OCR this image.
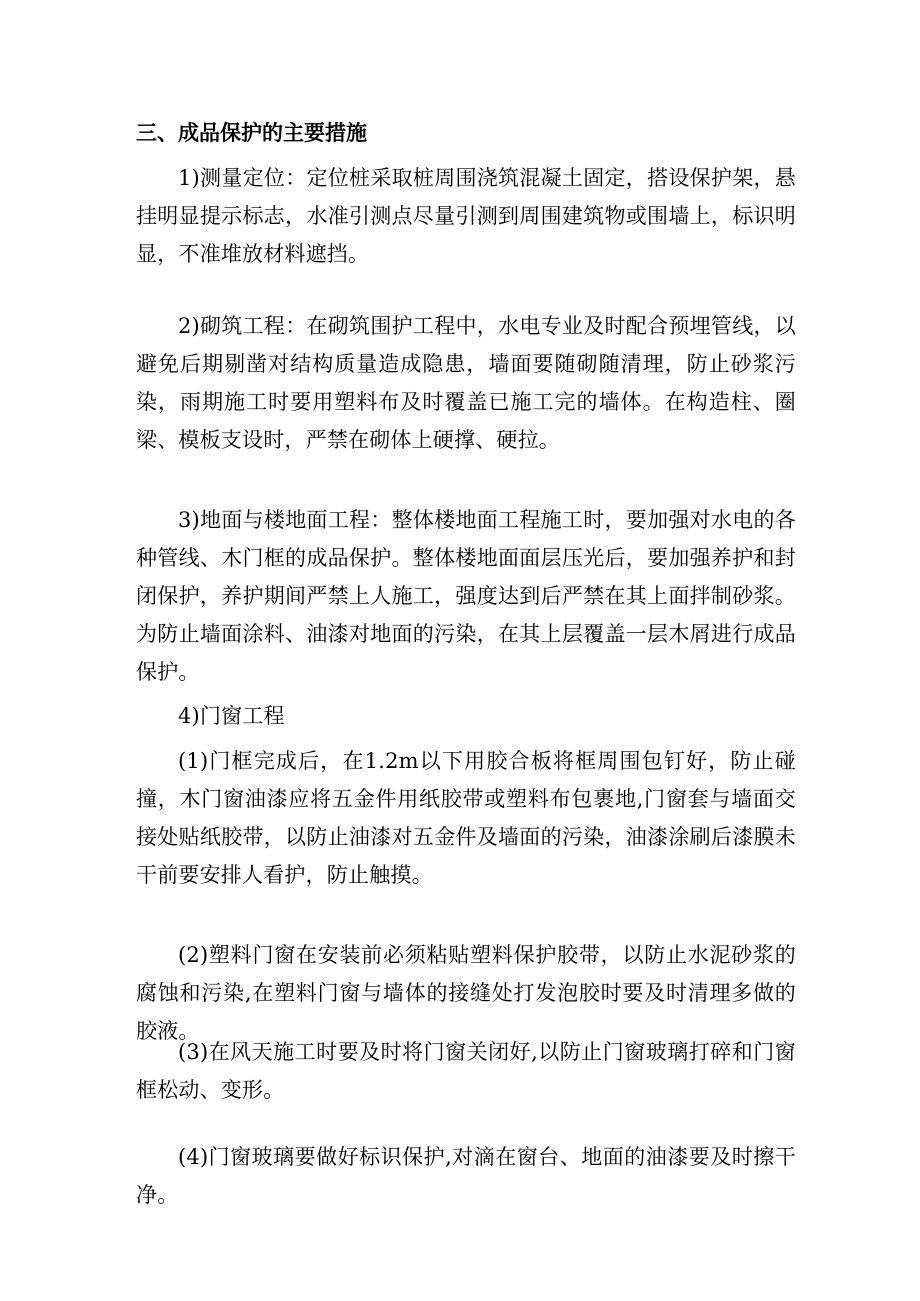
三、成品保护的主要措施

1)测量定位：定位桩采取桩周围浇筑混凝土固定，搭设保护架，悬挂明显提示标志，水准引测点尽量引测到周围建筑物或围墙上，标识明显，不准堆放材料遮挡。

2)砌筑工程：在砌筑围护工程中，水电专业及时配合预埋管线，以避免后期剔凿对结构质量造成隐患，墙面要随砌随清理，防止砂浆污染，雨期施工时要用塑料布及时覆盖已施工完的墙体。在构造柱、圈梁、模板支设时，严禁在砌体上硬撑、硬拉。

3)地面与楼地面工程：整体楼地面工程施工时，要加强对水电的各种管线、木门框的成品保护。整体楼地面面层压光后，要加强养护和封闭保护，养护期间严禁上人施工，强度达到后严禁在其上面拌制砂浆。为防止墙面涂料、油漆对地面的污染，在其上层覆盖一层木屑进行成品保护。

4)门窗工程

(1)门框完成后，在1.2m以下用胶合板将框周围包钉好，防止碰撞，木门窗油漆应将五金件用纸胶带或塑料布包裹地,门窗套与墙面交接处贴纸胶带，以防止油漆对五金件及墙面的污染，油漆涂刷后漆膜未干前要安排人看护，防止触摸。

(2)塑料门窗在安装前必须粘贴塑料保护胶带，以防止水泥砂浆的腐蚀和污染,在塑料门窗与墙体的接缝处打发泡胶时要及时清理多做的胶液。

(3)在风天施工时要及时将门窗关闭好,以防止门窗玻璃打碎和门窗框松动、变形。

(4)门窗玻璃要做好标识保护,对滴在窗台、地面的油漆要及时擦干净。
